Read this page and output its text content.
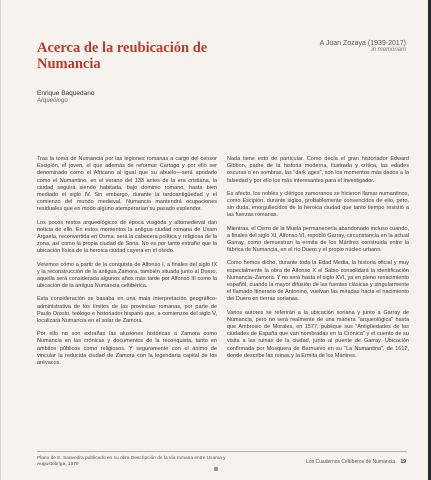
Acerca de la reubicación de Numancia
A Juan Zozaya (1939-2017)
in memoriam
Enrique Baquedano
Arqueólogo

Tras la toma de Numancia por las legiones romanas a cargo del censor Escipión, el joven, el que además de reformar Cartago y por ello ser denominado como el Africano al igual que su abuelo—será apodado como el Numantino, en el verano del 133 antes de la era cristiana, la ciudad seguirá siendo habitada, bajo dominio romano, hasta bien mediado el siglo IV. Sin embargo, durante la tardoantigüedad y el comienzo del mundo medieval, Numancia mantendrá ocupaciones residuales que en modo alguno atemperarían su pasado esplendor.

Los pocos restos arqueológicos de época visigoda y altomedieval dan noticia de ello. En estos momentos la antigua ciudad romana de Uxam Argaela, reconvertida en Osma, será la cabecera política y religiosa de la zona, así como la propia ciudad de Soria. No es por tanto extraño que la ubicación física de la heroica ciudad cayera en el olvido.

Veremos cómo a partir de la conquista de Alfonso I, a finales del siglo IX y la reconstrucción de la antigua Zamora, también situada junto al Duero, aquella será considerada algunos años más tarde por Alfonso III como la ubicación de la antigua Numancia celtibérica.

Esta consideración se basaba en una mala interpretación geográfico-administrativa de los límites de las provincias romanas, por parte de Paulo Orosio, teólogo e historiador hispano que, a comienzos del siglo V, localizará Numancia en el solar de Zamora.

Por ello no son extrañas las alusiones históricas a Zamora como Numancia en las crónicas y documentos de la reconquista, tanto en ámbitos públicos como religiosos. Y seguramente con el ánimo de vincular la reducida ciudad de Zamora con la legendaria capital de los arévacos.

Nada tiene esto de particular. Como decía el gran historiador Edward Gibbon, padre de la historia moderna, ilustrada y crítica, las edades oscuras o en sombras, las "dark ages", son los momentos más dados a la falsedad y por ello los más interesantes para el investigador.

Es afecto, los nobles y clérigos zamoranos se hicieron llamar numantinos, como Escipión, durante siglos, probablemente convencidos de ello, pero, sin duda, enorgullecidos de la heroica ciudad que tanto tiempo resistió a las fuerzas romanas.

Mientras, el Cerro de la Muela permanecería abandonado incluso cuando, a finales del siglo XI, Alfonso VI, repobló Garray, circunstancia en la actual Garray, como demuestran la ermita de los Mártires construida entre la fábrica de Numancia, en el río Duero y el propio núcleo urbano.

Como hemos dicho, durante toda la Edad Media, la historia oficial y muy especialmente la obra de Alfonso X el Sabio consolidará la identificación Numancia–Zamora. Y no será hasta el siglo XVI, ya en pleno renacimiento español, cuando la mayor difusión de las fuentes clásicas y singularmente el llamado Itinerario de Antonino, vuelvan las miradas hacia el nacimiento del Duero en tierras sorianas.

Varios autores se referirán a la ubicación soriana y junto a Garray de Numancia, pero no será realmente de una manera "arqueológica" hasta que Ambrosio de Morales, en 1577, publique sus "Antigüedades de las ciudades de España que van nombradas en la Crónica" y el cuento de su visita a las ruinas de la ciudad, junto al puente de Garray. Ubicación confirmada por Mosquera de Barnuevo en su "La Numantina", de 1612, donde describe las ruinas y la Ermita de los Mártires.

Plano de E. Saavedra publicado en su obra Descripción de la vía romana entre Uxama y Augustobriga, 1879	Los Cuadernos Celtíberos de Numancia 19
